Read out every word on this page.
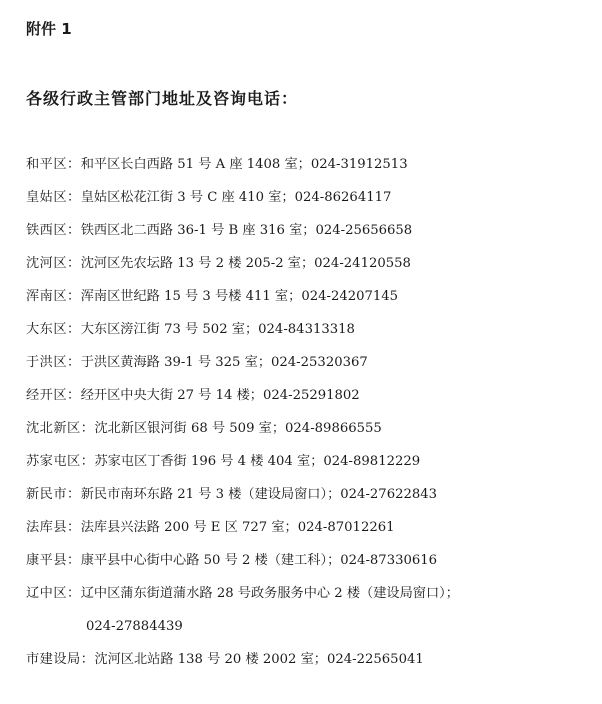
附件 1
各级行政主管部门地址及咨询电话：
和平区：和平区长白西路 51 号 A 座 1408 室；024-31912513
皇姑区：皇姑区松花江街 3 号 C 座 410 室；024-86264117
铁西区：铁西区北二西路 36-1 号 B 座 316 室；024-25656658
沈河区：沈河区先农坛路 13 号 2 楼 205-2 室；024-24120558
浑南区：浑南区世纪路 15 号 3 号楼 411 室；024-24207145
大东区：大东区滂江街 73 号 502 室；024-84313318
于洪区：于洪区黄海路 39-1 号 325 室；024-25320367
经开区：经开区中央大街 27 号 14 楼；024-25291802
沈北新区：沈北新区银河街 68 号 509 室；024-89866555
苏家屯区：苏家屯区丁香街 196 号 4 楼 404 室；024-89812229
新民市：新民市南环东路 21 号 3 楼（建设局窗口）；024-27622843
法库县：法库县兴法路 200 号 E 区 727 室；024-87012261
康平县：康平县中心街中心路 50 号 2 楼（建工科）；024-87330616
辽中区：辽中区蒲东街道蒲水路 28 号政务服务中心 2 楼（建设局窗口）；
024-27884439
市建设局：沈河区北站路 138 号 20 楼 2002 室；024-22565041
